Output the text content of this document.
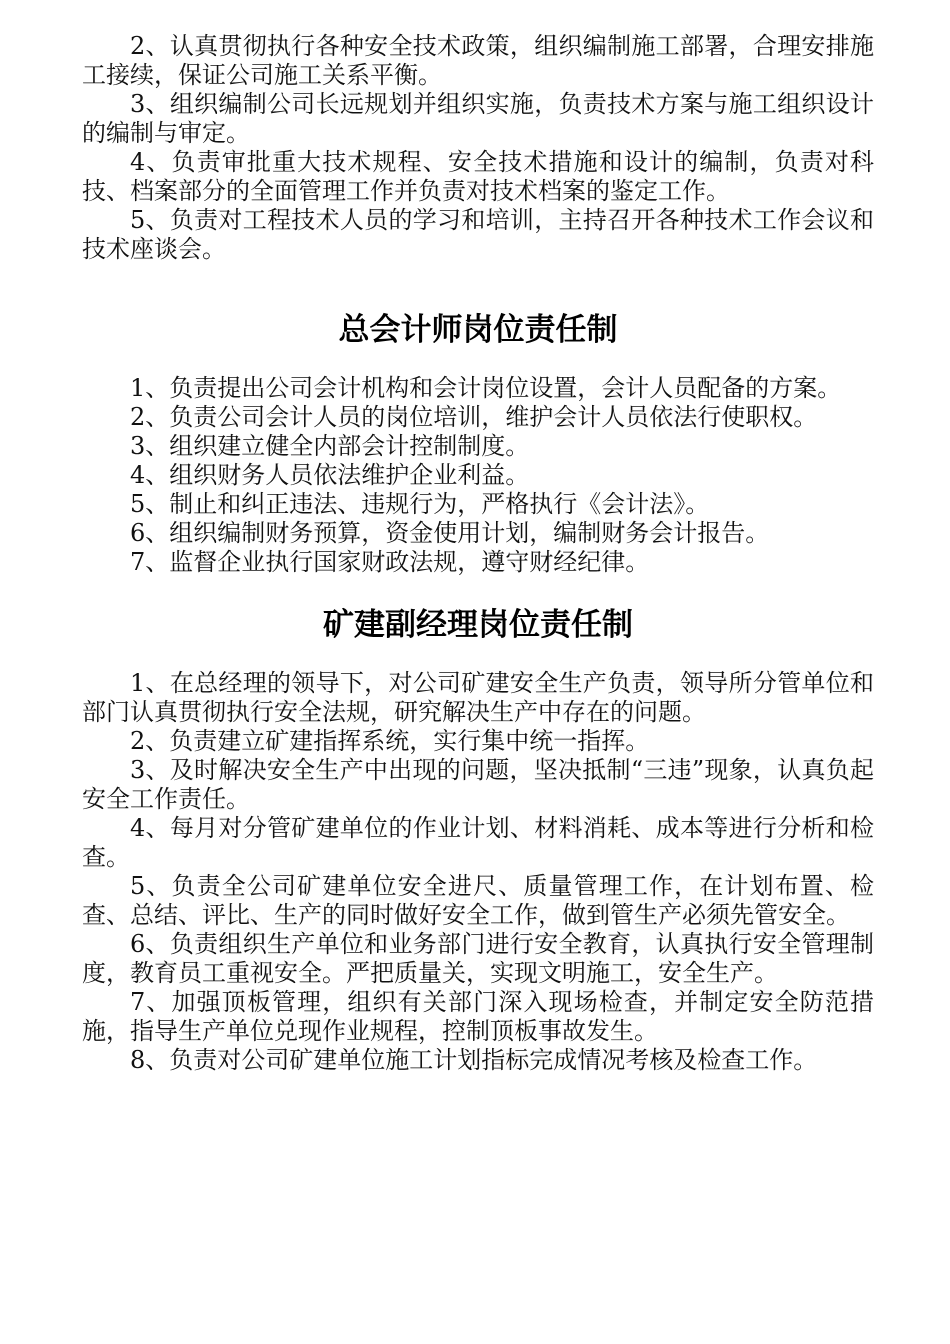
2、认真贯彻执行各种安全技术政策，组织编制施工部署，合理安排施工接续，保证公司施工关系平衡。

3、组织编制公司长远规划并组织实施，负责技术方案与施工组织设计的编制与审定。

4、负责审批重大技术规程、安全技术措施和设计的编制，负责对科技、档案部分的全面管理工作并负责对技术档案的鉴定工作。

5、负责对工程技术人员的学习和培训，主持召开各种技术工作会议和技术座谈会。

总会计师岗位责任制

1、负责提出公司会计机构和会计岗位设置，会计人员配备的方案。

2、负责公司会计人员的岗位培训，维护会计人员依法行使职权。

3、组织建立健全内部会计控制制度。

4、组织财务人员依法维护企业利益。

5、制止和纠正违法、违规行为，严格执行《会计法》。

6、组织编制财务预算，资金使用计划，编制财务会计报告。

7、监督企业执行国家财政法规，遵守财经纪律。

矿建副经理岗位责任制

1、在总经理的领导下，对公司矿建安全生产负责，领导所分管单位和部门认真贯彻执行安全法规，研究解决生产中存在的问题。

2、负责建立矿建指挥系统，实行集中统一指挥。

3、及时解决安全生产中出现的问题，坚决抵制“三违”现象，认真负起安全工作责任。

4、每月对分管矿建单位的作业计划、材料消耗、成本等进行分析和检查。

5、负责全公司矿建单位安全进尺、质量管理工作，在计划布置、检查、总结、评比、生产的同时做好安全工作，做到管生产必须先管安全。

6、负责组织生产单位和业务部门进行安全教育，认真执行安全管理制度，教育员工重视安全。严把质量关，实现文明施工，安全生产。

7、加强顶板管理，组织有关部门深入现场检查，并制定安全防范措施，指导生产单位兑现作业规程，控制顶板事故发生。

8、负责对公司矿建单位施工计划指标完成情况考核及检查工作。
